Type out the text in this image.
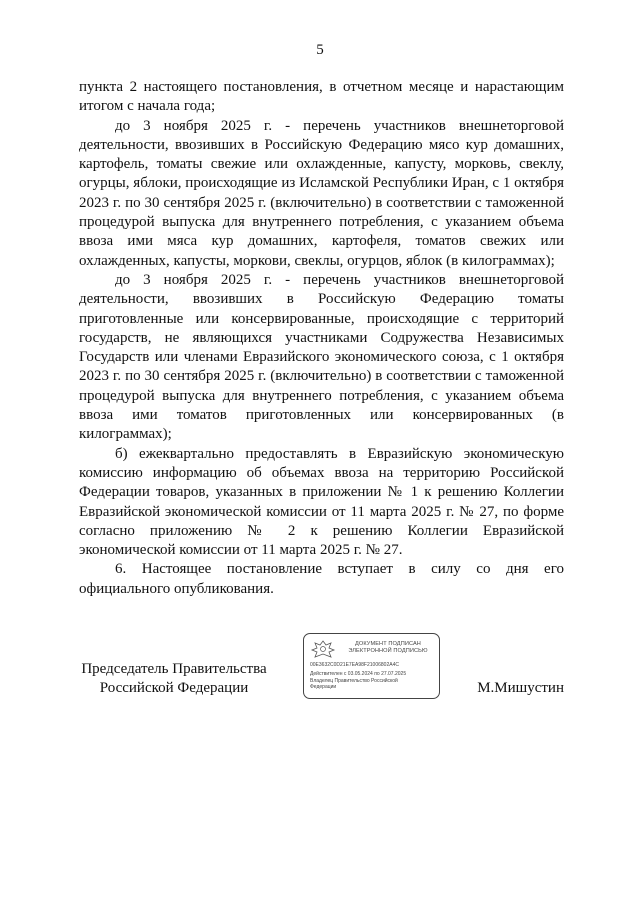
5

пункта 2 настоящего постановления, в отчетном месяце и нарастающим итогом с начала года;

до 3 ноября 2025 г. - перечень участников внешнеторговой деятельности, ввозивших в Российскую Федерацию мясо кур домашних, картофель, томаты свежие или охлажденные, капусту, морковь, свеклу, огурцы, яблоки, происходящие из Исламской Республики Иран, с 1 октября 2023 г. по 30 сентября 2025 г. (включительно) в соответствии с таможенной процедурой выпуска для внутреннего потребления, с указанием объема ввоза ими мяса кур домашних, картофеля, томатов свежих или охлажденных, капусты, моркови, свеклы, огурцов, яблок (в килограммах);

до 3 ноября 2025 г. - перечень участников внешнеторговой деятельности, ввозивших в Российскую Федерацию томаты приготовленные или консервированные, происходящие с территорий государств, не являющихся участниками Содружества Независимых Государств или членами Евразийского экономического союза, с 1 октября 2023 г. по 30 сентября 2025 г. (включительно) в соответствии с таможенной процедурой выпуска для внутреннего потребления, с указанием объема ввоза ими томатов приготовленных или консервированных (в килограммах);

б) ежеквартально предоставлять в Евразийскую экономическую комиссию информацию об объемах ввоза на территорию Российской Федерации товаров, указанных в приложении № 1 к решению Коллегии Евразийской экономической комиссии от 11 марта 2025 г. № 27, по форме согласно приложению № 2 к решению Коллегии Евразийской экономической комиссии от 11 марта 2025 г. № 27.

6. Настоящее постановление вступает в силу со дня его официального опубликования.

Председатель Правительства
Российской Федерации
ДОКУМЕНТ ПОДПИСАН
ЭЛЕКТРОННОЙ ПОДПИСЬЮ
00E3632C0D21E7EA98F21006802A4C
Действителен с 03.05.2024 по 27.07.2025
Владелец Правительство Российской Федерации	М.Мишустин
